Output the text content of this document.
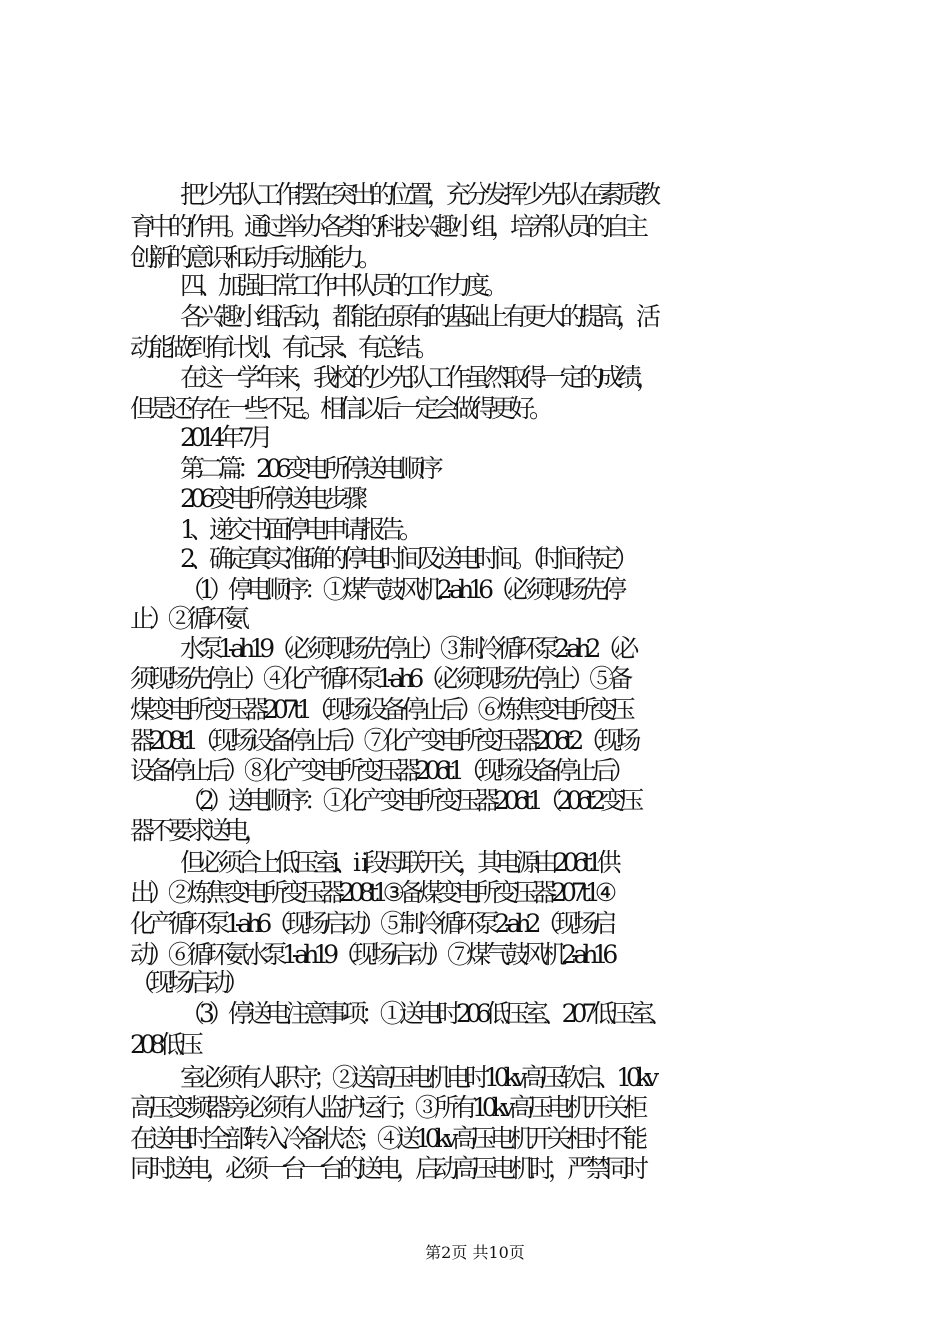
把少先队工作摆在突出的位置，充分发挥少先队在素质教
育中的作用。通过举办各类的科技兴趣小组，培养队员的自主
创新的意识和动手动脑能力。
四、加强日常工作中队员的工作力度。
各兴趣小组活动，都能在原有的基础上有更大的提高，活
动能做到有计划、有记录、有总结。
在这一学年来，我校的少先队工作虽然取得一定的成绩，
但是还存在一些不足。相信以后一定会做得更好。
2014年7月
第二篇：206变电所停送电顺序
206变电所停送电步骤
1、递交书面停电申请报告。
2、确定真实准确的停电时间及送电时间。（时间待定）
（1）停电顺序：①煤气鼓风机2-ah16（必须现场先停
止）②循环氨
水泵1-ah19（必须现场先停止）③制冷循环泵2-ah2（必
须现场先停止）④化产循环泵1-ah6（必须现场先停止）⑤备
煤变电所变压器207t1（现场设备停止后）⑥炼焦变电所变压
器208t1（现场设备停止后）⑦化产变电所变压器206t2（现场
设备停止后）⑧化产变电所变压器206t1（现场设备停止后）
（2）送电顺序：①化产变电所变压器206t1（206t2变压
器不要求送电，
但必须合上低压室ⅰ、ⅱ段母联开关，其电源由206t1供
出）②炼焦变电所变压器208t1③备煤变电所变压器207t1④
化产循环泵1-ah6（现场启动）⑤制冷循环泵2-ah2（现场启
动）⑥循环氨水泵1-ah19（现场启动）⑦煤气鼓风机2-ah16
（现场启动）
（3）停送电注意事项：①送电时206低压室、207低压室、
208低压
室必须有人职守；②送高压电机电时10kv高压软启、10kv
高压变频器旁必须有人监护运行；③所有10kv高压电机开关柜
在送电时全部转入冷备状态；④送10kv高压电机开关柜时不能
同时送电，必须一台一台的送电，启动高压电机时，严禁同时
第2页 共10页
